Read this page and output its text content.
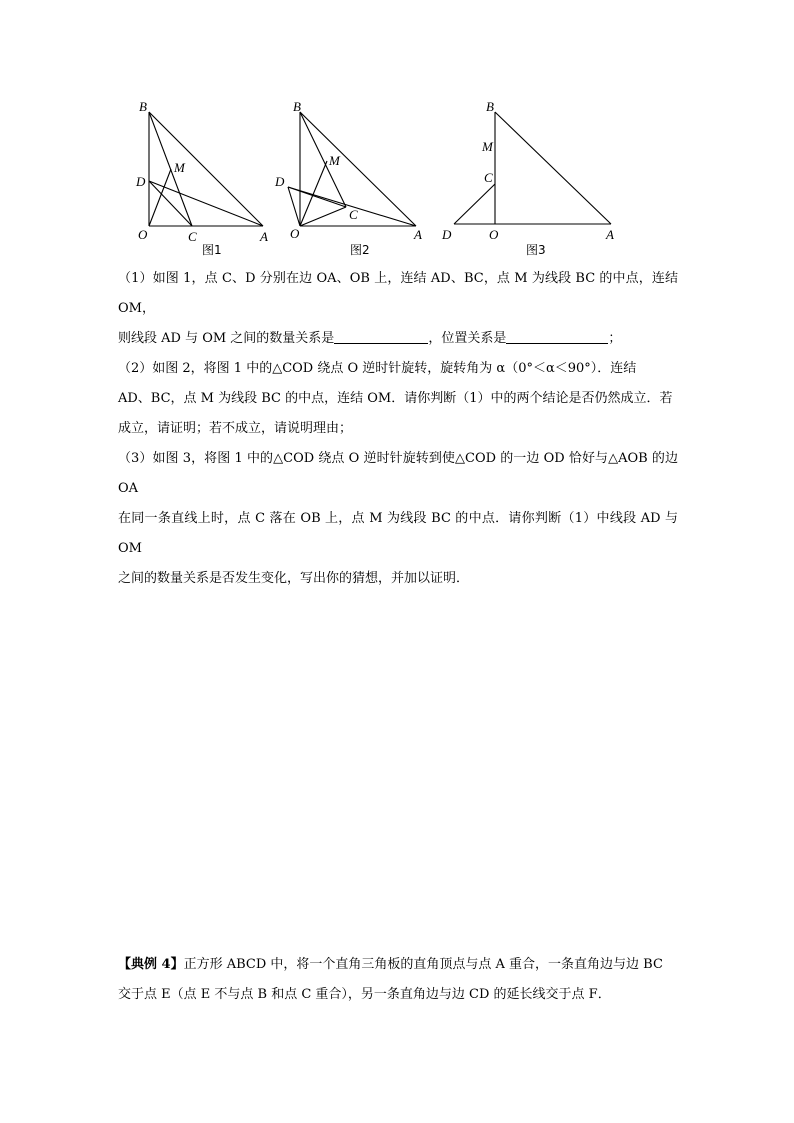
B
D
M
O	C	A
图1
B
D
M
O
C
A
图2
B
M
C
D	O	A
图3

（1）如图 1，点 C、D 分别在边 OA、OB 上，连结 AD、BC，点 M 为线段 BC 的中点，连结 OM，

则线段 AD 与 OM 之间的数量关系是	，位置关系是	；

（2）如图 2，将图 1 中的△COD 绕点 O 逆时针旋转，旋转角为 α（0°＜α＜90°）．连结

AD、BC，点 M 为线段 BC 的中点，连结 OM．请你判断（1）中的两个结论是否仍然成立．若

成立，请证明；若不成立，请说明理由；

（3）如图 3，将图 1 中的△COD 绕点 O 逆时针旋转到使△COD 的一边 OD 恰好与△AOB 的边 OA

在同一条直线上时，点 C 落在 OB 上，点 M 为线段 BC 的中点．请你判断（1）中线段 AD 与 OM

之间的数量关系是否发生变化，写出你的猜想，并加以证明．

【典例 4】正方形 ABCD 中，将一个直角三角板的直角顶点与点 A 重合，一条直角边与边 BC

交于点 E（点 E 不与点 B 和点 C 重合），另一条直角边与边 CD 的延长线交于点 F．
